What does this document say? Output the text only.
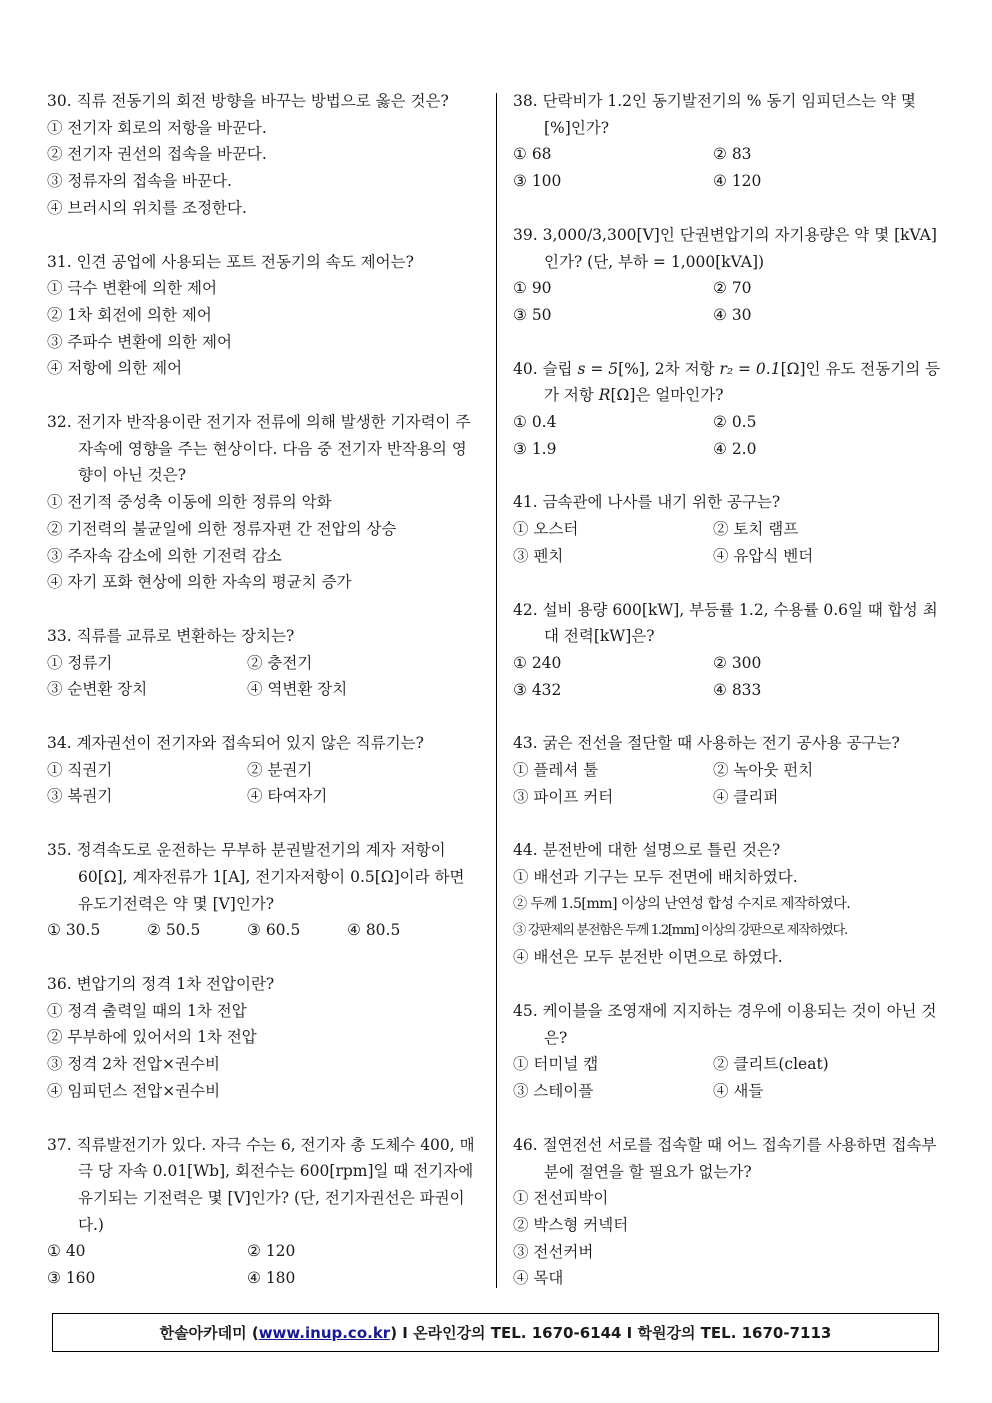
30. 직류 전동기의 회전 방향을 바꾸는 방법으로 옳은 것은?
① 전기자 회로의 저항을 바꾼다.
② 전기자 권선의 접속을 바꾼다.
③ 정류자의 접속을 바꾼다.
④ 브러시의 위치를 조정한다.
31. 인견 공업에 사용되는 포트 전동기의 속도 제어는?
① 극수 변환에 의한 제어
② 1차 회전에 의한 제어
③ 주파수 변환에 의한 제어
④ 저항에 의한 제어
32. 전기자 반작용이란 전기자 전류에 의해 발생한 기자력이 주자속에 영향을 주는 현상이다. 다음 중 전기자 반작용의 영향이 아닌 것은?
① 전기적 중성축 이동에 의한 정류의 악화
② 기전력의 불균일에 의한 정류자편 간 전압의 상승
③ 주자속 감소에 의한 기전력 감소
④ 자기 포화 현상에 의한 자속의 평균치 증가
33. 직류를 교류로 변환하는 장치는?
① 정류기	② 충전기
③ 순변환 장치	④ 역변환 장치
34. 계자권선이 전기자와 접속되어 있지 않은 직류기는?
① 직권기	② 분권기
③ 복권기	④ 타여자기
35. 정격속도로 운전하는 무부하 분권발전기의 계자 저항이 60[Ω], 계자전류가 1[A], 전기자저항이 0.5[Ω]이라 하면 유도기전력은 약 몇 [V]인가?
① 30.5	② 50.5	③ 60.5	④ 80.5
36. 변압기의 정격 1차 전압이란?
① 정격 출력일 때의 1차 전압
② 무부하에 있어서의 1차 전압
③ 정격 2차 전압×권수비
④ 임피던스 전압×권수비
37. 직류발전기가 있다. 자극 수는 6, 전기자 총 도체수 400, 매극 당 자속 0.01[Wb], 회전수는 600[rpm]일 때 전기자에 유기되는 기전력은 몇 [V]인가? (단, 전기자권선은 파권이다.)
① 40	② 120
③ 160	④ 180
38. 단락비가 1.2인 동기발전기의 % 동기 임피던스는 약 몇 [%]인가?
① 68	② 83
③ 100	④ 120
39. 3,000/3,300[V]인 단권변압기의 자기용량은 약 몇 [kVA]인가? (단, 부하 = 1,000[kVA])
① 90	② 70
③ 50	④ 30
40. 슬립 s = 5[%], 2차 저항 r₂ = 0.1[Ω]인 유도 전동기의 등가 저항 R[Ω]은 얼마인가?
① 0.4	② 0.5
③ 1.9	④ 2.0
41. 금속관에 나사를 내기 위한 공구는?
① 오스터	② 토치 램프
③ 펜치	④ 유압식 벤더
42. 설비 용량 600[kW], 부등률 1.2, 수용률 0.6일 때 합성 최대 전력[kW]은?
① 240	② 300
③ 432	④ 833
43. 굵은 전선을 절단할 때 사용하는 전기 공사용 공구는?
① 플레셔 툴	② 녹아웃 펀치
③ 파이프 커터	④ 클리퍼
44. 분전반에 대한 설명으로 틀린 것은?
① 배선과 기구는 모두 전면에 배치하였다.
② 두께 1.5[mm] 이상의 난연성 합성 수지로 제작하였다.
③ 강판제의 분전함은 두께 1.2[mm] 이상의 강판으로 제작하였다.
④ 배선은 모두 분전반 이면으로 하였다.
45. 케이블을 조영재에 지지하는 경우에 이용되는 것이 아닌 것은?
① 터미널 캡	② 클리트(cleat)
③ 스테이플	④ 새들
46. 절연전선 서로를 접속할 때 어느 접속기를 사용하면 접속부분에 절연을 할 필요가 없는가?
① 전선피박이
② 박스형 커넥터
③ 전선커버
④ 목대
한솔아카데미
( www.inup.co.kr ) I 온라인강의 TEL. 1670-6144 I 학원강의 TEL. 1670-7113
